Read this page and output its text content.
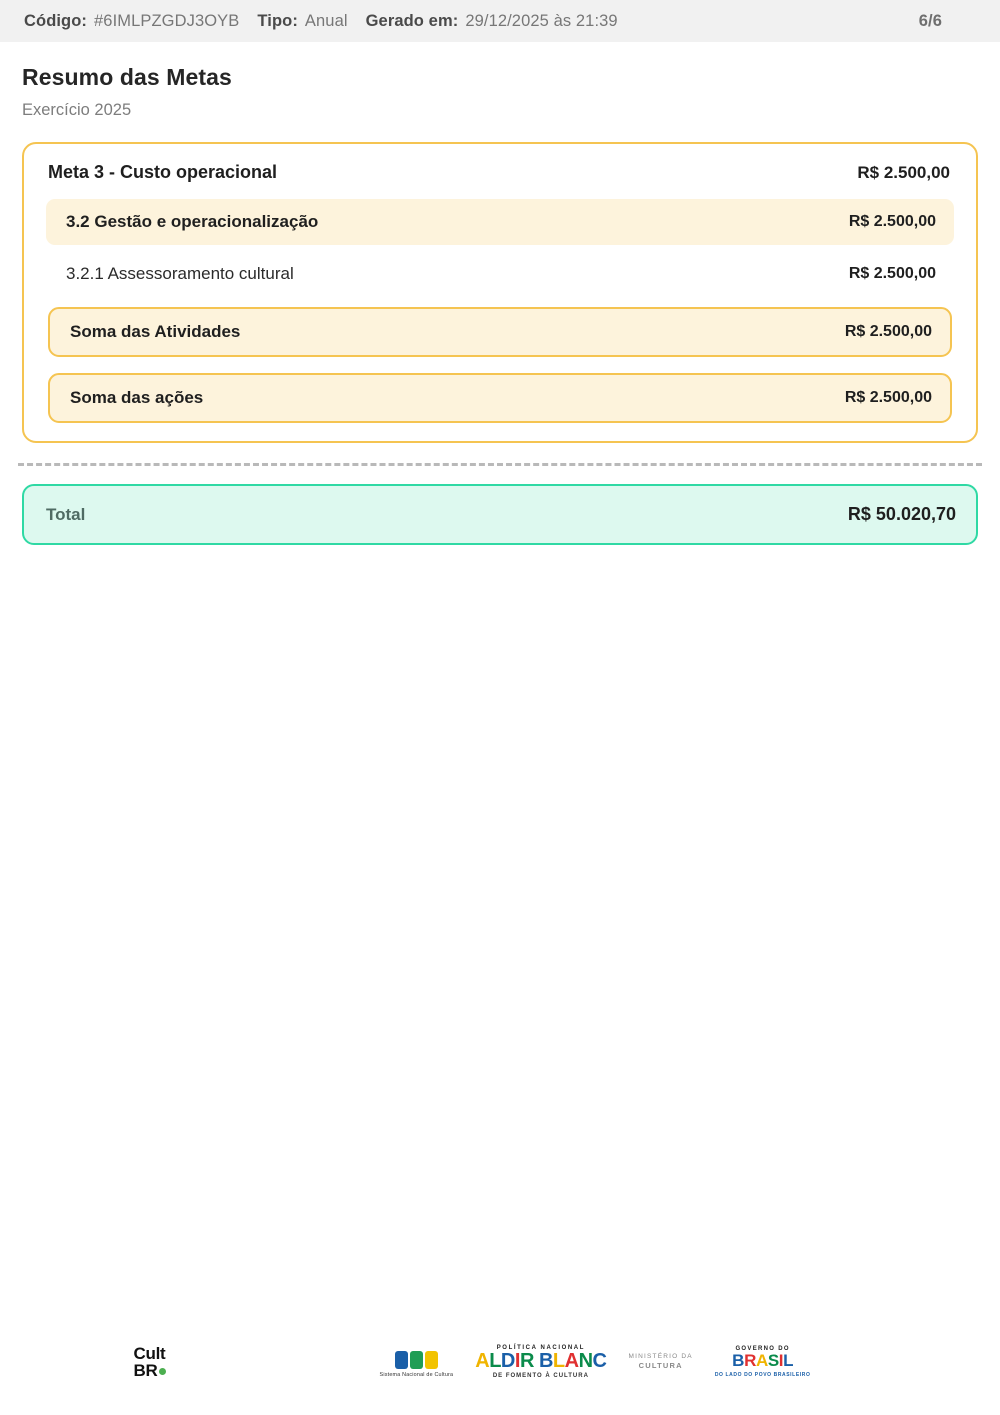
Código: #6IMLPZGDJ3OYB Tipo: Anual Gerado em: 29/12/2025 às 21:39	6/6
Resumo das Metas

Exercício 2025

Meta 3 - Custo operacional	R$ 2.500,00
3.2 Gestão e operacionalização	R$ 2.500,00
3.2.1 Assessoramento cultural	R$ 2.500,00
Soma das Atividades	R$ 2.500,00
Soma das ações	R$ 2.500,00
Total	R$ 50.020,70
Cult
BR	Sistema Nacional de Cultura
POLÍTICA NACIONAL
ALDIR BLANC
DE FOMENTO À CULTURA
MINISTÉRIO DA
CULTURA
GOVERNO DO
BRASIL
DO LADO DO POVO BRASILEIRO
